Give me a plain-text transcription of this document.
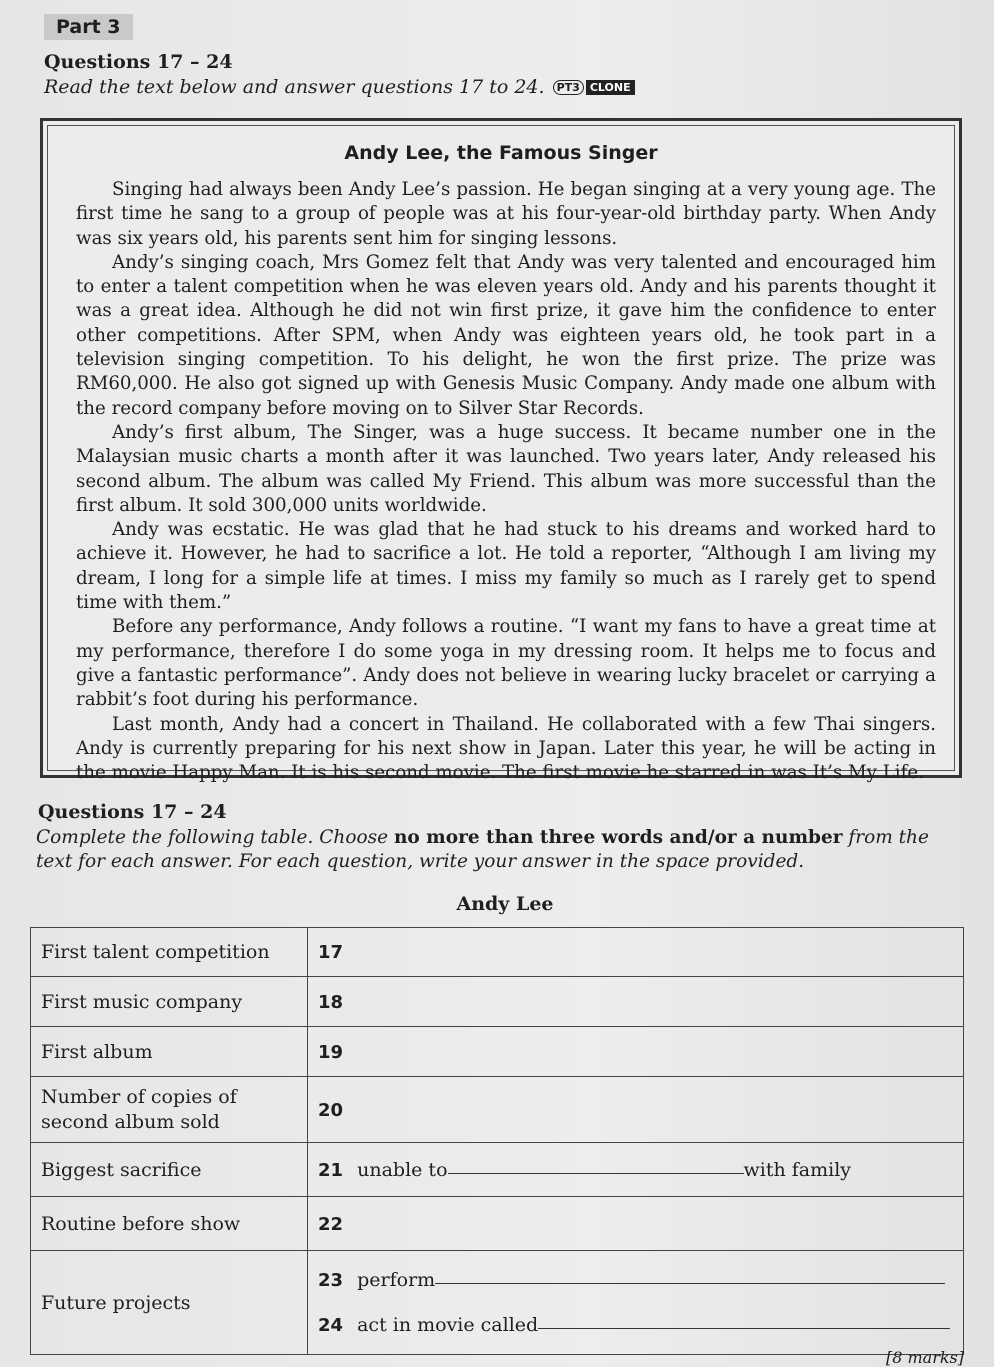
Part 3
Questions 17 – 24
Read the text below and answer questions 17 to 24. PT3 CLONE
Andy Lee, the Famous Singer

Singing had always been Andy Lee’s passion. He began singing at a very young age. The first time he sang to a group of people was at his four-year-old birthday party. When Andy was six years old, his parents sent him for singing lessons.

Andy’s singing coach, Mrs Gomez felt that Andy was very talented and encouraged him to enter a talent competition when he was eleven years old. Andy and his parents thought it was a great idea. Although he did not win first prize, it gave him the confidence to enter other competitions. After SPM, when Andy was eighteen years old, he took part in a television singing competition. To his delight, he won the first prize. The prize was RM60,000. He also got signed up with Genesis Music Company. Andy made one album with the record company before moving on to Silver Star Records.

Andy’s first album, The Singer, was a huge success. It became number one in the Malaysian music charts a month after it was launched. Two years later, Andy released his second album. The album was called My Friend. This album was more successful than the first album. It sold 300,000 units worldwide.

Andy was ecstatic. He was glad that he had stuck to his dreams and worked hard to achieve it. However, he had to sacrifice a lot. He told a reporter, “Although I am living my dream, I long for a simple life at times. I miss my family so much as I rarely get to spend time with them.”

Before any performance, Andy follows a routine. “I want my fans to have a great time at my performance, therefore I do some yoga in my dressing room. It helps me to focus and give a fantastic performance”. Andy does not believe in wearing lucky bracelet or carrying a rabbit’s foot during his performance.

Last month, Andy had a concert in Thailand. He collaborated with a few Thai singers. Andy is currently preparing for his next show in Japan. Later this year, he will be acting in the movie Happy Man. It is his second movie. The first movie he starred in was It’s My Life.

Questions 17 – 24
Complete the following table. Choose no more than three words and/or a number from the text for each answer. For each question, write your answer in the space provided.
Andy Lee
First talent competition	17
First music company	18
First album	19
Number of copies of second album sold	20
Biggest sacrifice	21 unable to with family
Routine before show	22
Future projects	23 perform
24 act in movie called
[8 marks]
